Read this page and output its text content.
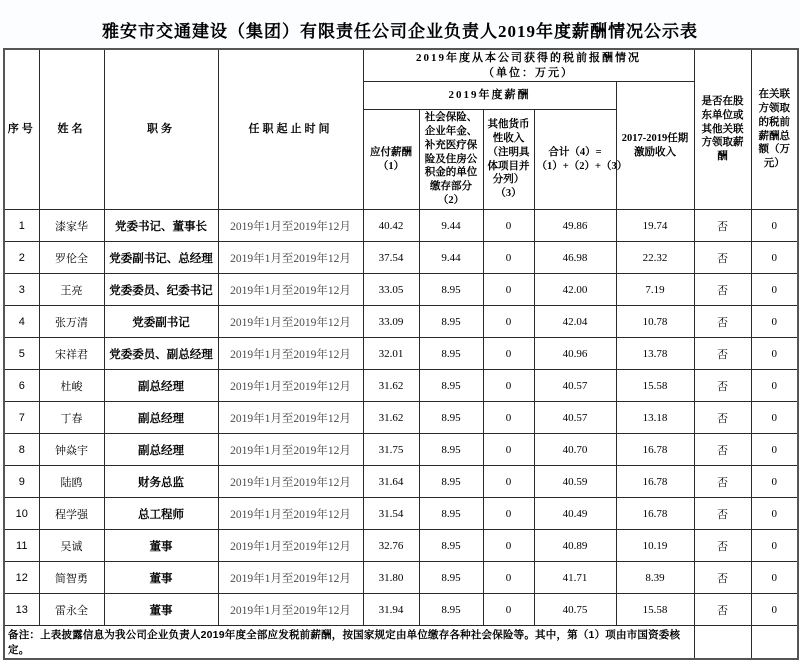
雅安市交通建设（集团）有限责任公司企业负责人2019年度薪酬情况公示表
序号	姓名	职务	任职起止时间	2019年度从本公司获得的税前报酬情况
（单位：万元）					是否在股东单位或其他关联方领取薪酬	在关联方领取的税前薪酬总额（万元）
				2019年度薪酬				2017-2019任期激励收入		
				应付薪酬（1）	社会保险、企业年金、补充医疗保险及住房公积金的单位缴存部分（2）	其他货币性收入（注明具体项目并分列）（3）	合计（4）=（1）+（2）+（3）			
1	漆家华	党委书记、董事长	2019年1月至2019年12月	40.42	9.44	0	49.86	19.74	否	0
2	罗伦全	党委副书记、总经理	2019年1月至2019年12月	37.54	9.44	0	46.98	22.32	否	0
3	王亮	党委委员、纪委书记	2019年1月至2019年12月	33.05	8.95	0	42.00	7.19	否	0
4	张万清	党委副书记	2019年1月至2019年12月	33.09	8.95	0	42.04	10.78	否	0
5	宋祥君	党委委员、副总经理	2019年1月至2019年12月	32.01	8.95	0	40.96	13.78	否	0
6	杜峻	副总经理	2019年1月至2019年12月	31.62	8.95	0	40.57	15.58	否	0
7	丁春	副总经理	2019年1月至2019年12月	31.62	8.95	0	40.57	13.18	否	0
8	钟焱宇	副总经理	2019年1月至2019年12月	31.75	8.95	0	40.70	16.78	否	0
9	陆鸥	财务总监	2019年1月至2019年12月	31.64	8.95	0	40.59	16.78	否	0
10	程学强	总工程师	2019年1月至2019年12月	31.54	8.95	0	40.49	16.78	否	0
11	吴诚	董事	2019年1月至2019年12月	32.76	8.95	0	40.89	10.19	否	0
12	简智勇	董事	2019年1月至2019年12月	31.80	8.95	0	41.71	8.39	否	0
13	雷永全	董事	2019年1月至2019年12月	31.94	8.95	0	40.75	15.58	否	0
备注：上表披露信息为我公司企业负责人2019年度全部应发税前薪酬，按国家规定由单位缴存各种社会保险等。其中，第（1）项由市国资委核定。										
